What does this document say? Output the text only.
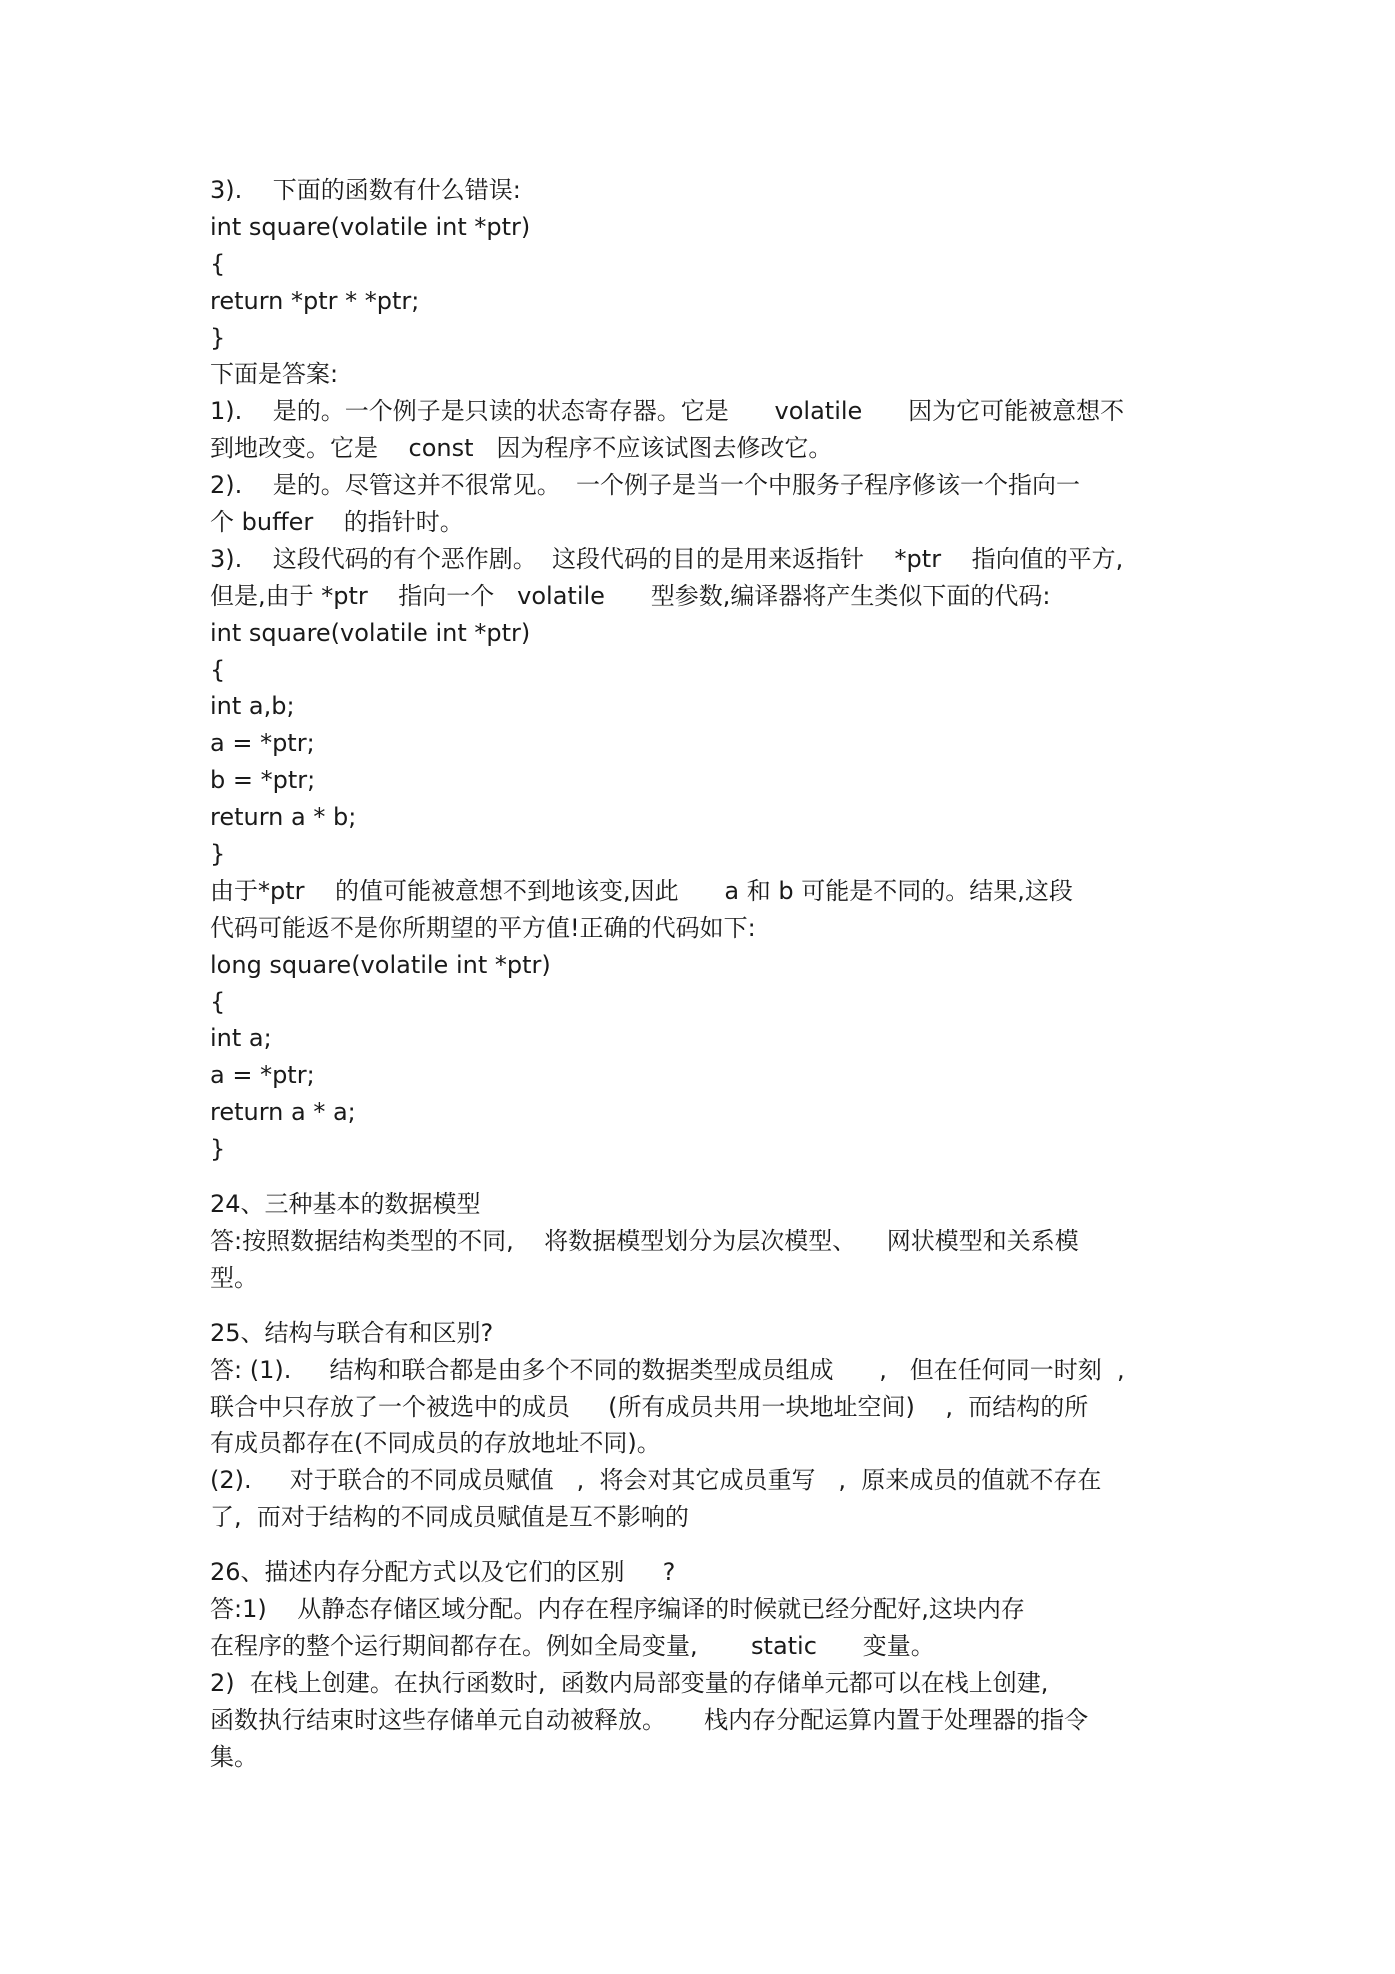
3).    下面的函数有什么错误:
int square(volatile int *ptr)
{
return *ptr * *ptr;
}
下面是答案:
1).    是的。一个例子是只读的状态寄存器。它是      volatile      因为它可能被意想不
到地改变。它是    const   因为程序不应该试图去修改它。
2).    是的。尽管这并不很常见。  一个例子是当一个中服务子程序修该一个指向一
个 buffer    的指针时。
3).    这段代码的有个恶作剧。  这段代码的目的是用来返指针    *ptr    指向值的平方,
但是,由于 *ptr    指向一个   volatile      型参数,编译器将产生类似下面的代码:
int square(volatile int *ptr)
{
int a,b;
a = *ptr;
b = *ptr;
return a * b;
}
由于*ptr    的值可能被意想不到地该变,因此      a 和 b 可能是不同的。结果,这段
代码可能返不是你所期望的平方值!正确的代码如下:
long square(volatile int *ptr)
{
int a;
a = *ptr;
return a * a;
}
24、三种基本的数据模型
答:按照数据结构类型的不同,    将数据模型划分为层次模型、    网状模型和关系模
型。
25、结构与联合有和区别?
答: (1).     结构和联合都是由多个不同的数据类型成员组成      ,   但在任何同一时刻  ,
联合中只存放了一个被选中的成员     (所有成员共用一块地址空间)    ,  而结构的所
有成员都存在(不同成员的存放地址不同)。
(2).     对于联合的不同成员赋值   ,  将会对其它成员重写   ,  原来成员的值就不存在
了,  而对于结构的不同成员赋值是互不影响的
26、描述内存分配方式以及它们的区别     ?
答:1)    从静态存储区域分配。内存在程序编译的时候就已经分配好,这块内存
在程序的整个运行期间都存在。例如全局变量,       static      变量。
2)  在栈上创建。在执行函数时,  函数内局部变量的存储单元都可以在栈上创建,
函数执行结束时这些存储单元自动被释放。     栈内存分配运算内置于处理器的指令
集。
